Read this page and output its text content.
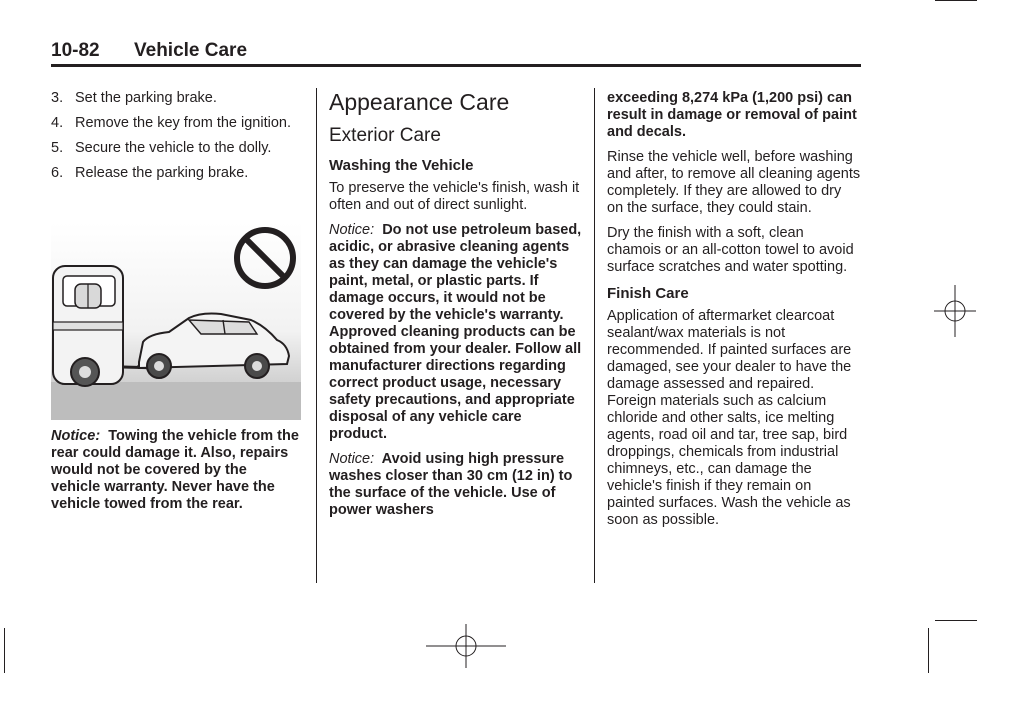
10-82 Vehicle Care
3. Set the parking brake.
4. Remove the key from the ignition.
5. Secure the vehicle to the dolly.
6. Release the parking brake.

Notice: Towing the vehicle from the rear could damage it. Also, repairs would not be covered by the vehicle warranty. Never have the vehicle towed from the rear.

Appearance Care
Exterior Care
Washing the Vehicle

To preserve the vehicle's finish, wash it often and out of direct sunlight.

Notice: Do not use petroleum based, acidic, or abrasive cleaning agents as they can damage the vehicle's paint, metal, or plastic parts. If damage occurs, it would not be covered by the vehicle's warranty. Approved cleaning products can be obtained from your dealer. Follow all manufacturer directions regarding correct product usage, necessary safety precautions, and appropriate disposal of any vehicle care product.

Notice: Avoid using high pressure washes closer than 30 cm (12 in) to the surface of the vehicle. Use of power washers

exceeding 8,274 kPa (1,200 psi) can result in damage or removal of paint and decals.

Rinse the vehicle well, before washing and after, to remove all cleaning agents completely. If they are allowed to dry on the surface, they could stain.

Dry the finish with a soft, clean chamois or an all-cotton towel to avoid surface scratches and water spotting.

Finish Care

Application of aftermarket clearcoat sealant/wax materials is not recommended. If painted surfaces are damaged, see your dealer to have the damage assessed and repaired. Foreign materials such as calcium chloride and other salts, ice melting agents, road oil and tar, tree sap, bird droppings, chemicals from industrial chimneys, etc., can damage the vehicle's finish if they remain on painted surfaces. Wash the vehicle as soon as possible.
